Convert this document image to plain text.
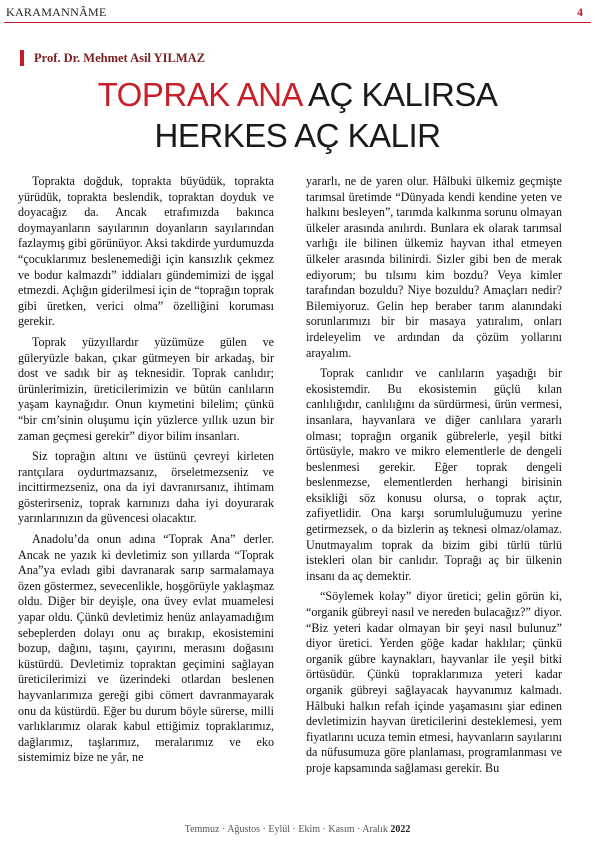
KARAMANNÂME	4
Prof. Dr. Mehmet Asil YILMAZ
TOPRAK ANA AÇ KALIRSA
HERKES AÇ KALIR

Toprakta doğduk, toprakta büyüdük, toprakta yürüdük, toprakta beslendik, topraktan doyduk ve doyacağız da. Ancak etrafımızda bakınca doymayanların sayılarının doyanların sayılarından fazlaymış gibi görünüyor. Aksi takdirde yurdumuzda “çocuklarımız beslenemediği için kansızlık çekmez ve bodur kalmazdı” iddiaları gündemimizi de işgal etmezdi. Açlığın giderilmesi için de “toprağın toprak gibi üretken, verici olma” özelliğini koruması gerekir.

Toprak yüzyıllardır yüzümüze gülen ve güleryüzle bakan, çıkar gütmeyen bir arkadaş, bir dost ve sadık bir aş teknesidir. Toprak canlıdır; ürünlerimizin, üreticilerimizin ve bütün canlıların yaşam kaynağıdır. Onun kıymetini bilelim; çünkü “bir cm’sinin oluşumu için yüzlerce yıllık uzun bir zaman geçmesi gerekir” diyor bilim insanları.

Siz toprağın altını ve üstünü çevreyi kirleten rantçılara oydurtmazsanız, örseletmezseniz ve incittirmezseniz, ona da iyi davranırsanız, ihtimam gösterirseniz, toprak karnınızı daha iyi doyurarak yarınlarınızın da güvencesi olacaktır.

Anadolu’da onun adına “Toprak Ana” derler. Ancak ne yazık ki devletimiz son yıllarda “Toprak Ana”ya evladı gibi davranarak sarıp sarmalamaya özen göstermez, sevecenlikle, hoşgörüyle yaklaşmaz oldu. Diğer bir deyişle, ona üvey evlat muamelesi yapar oldu. Çünkü devletimiz henüz anlayamadığım sebeplerden dolayı onu aç bırakıp, ekosistemini bozup, dağını, taşını, çayırını, merasını doğasını küstürdü. Devletimiz topraktan geçimini sağlayan üreticilerimizi ve üzerindeki otlardan beslenen hayvanlarımıza gereği gibi cömert davranmayarak onu da küstürdü. Eğer bu durum böyle sürerse, milli varlıklarımız olarak kabul ettiğimiz topraklarımız, dağlarımız, taşlarımız, meralarımız ve eko sistemimiz bize ne yâr, ne

yararlı, ne de yaren olur. Hâlbuki ülkemiz geçmişte tarımsal üretimde “Dünyada kendi kendine yeten ve halkını besleyen”, tarımda kalkınma sorunu olmayan ülkeler arasında anılırdı. Bunlara ek olarak tarımsal varlığı ile bilinen ülkemiz hayvan ithal etmeyen ülkeler arasında bilinirdi. Sizler gibi ben de merak ediyorum; bu tılsımı kim bozdu? Veya kimler tarafından bozuldu? Niye bozuldu? Amaçları nedir? Bilemiyoruz. Gelin hep beraber tarım alanındaki sorunlarımızı bir bir masaya yatıralım, onları irdeleyelim ve ardından da çözüm yollarını arayalım.

Toprak canlıdır ve canlıların yaşadığı bir ekosistemdir. Bu ekosistemin güçlü kılan canlılığıdır, canlılığını da sürdürmesi, ürün vermesi, insanlara, hayvanlara ve diğer canlılara yararlı olması; toprağın organik gübrelerle, yeşil bitki örtüsüyle, makro ve mikro elementlerle de dengeli beslenmesi gerekir. Eğer toprak dengeli beslenmezse, elementlerden herhangi birisinin eksikliği söz konusu olursa, o toprak açtır, zafiyetlidir. Ona karşı sorumluluğumuzu yerine getirmezsek, o da bizlerin aş teknesi olmaz/olamaz. Unutmayalım toprak da bizim gibi türlü türlü istekleri olan bir canlıdır. Toprağı aç bir ülkenin insanı da aç demektir.

“Söylemek kolay” diyor üretici; gelin görün ki, “organik gübreyi nasıl ve nereden bulacağız?” diyor. “Biz yeteri kadar olmayan bir şeyi nasıl bulunuz” diyor üretici. Yerden göğe kadar haklılar; çünkü organik gübre kaynakları, hayvanlar ile yeşil bitki örtüsüdür. Çünkü topraklarımıza yeteri kadar organik gübreyi sağlayacak hayvanımız kalmadı. Hâlbuki halkın refah içinde yaşamasını şiar edinen devletimizin hayvan üreticilerini desteklemesi, yem fiyatlarını ucuza temin etmesi, hayvanların sayılarını da nüfusumuza göre planlaması, programlanması ve proje kapsamında sağlaması gerekir. Bu

Temmuz · Ağustos · Eylül · Ekim · Kasım · Aralık 2022
